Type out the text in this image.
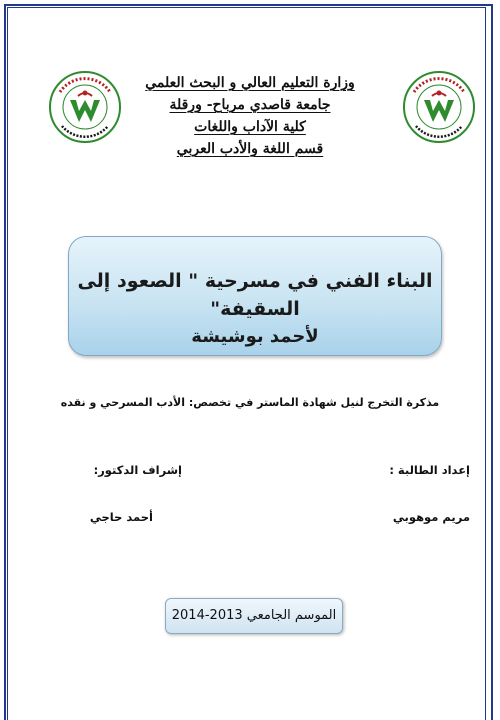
وزارة التعليم العالي و البحث العلمي
جامعة قاصدي مرباح- ورقلة
كلية الآداب واللغات
قسم اللغة والأدب العربي
البناء الفني في مسرحية " الصعود إلى السقيفة"
لأحمد بوشيشة
مذكرة التخرج لنيل شهادة الماستر في تخصص: الأدب المسرحي و نقده
إعداد الطالبة :
مريم موهوبي
إشراف الدكتور:
أحمد حاجي
الموسم الجامعي 2013-2014
